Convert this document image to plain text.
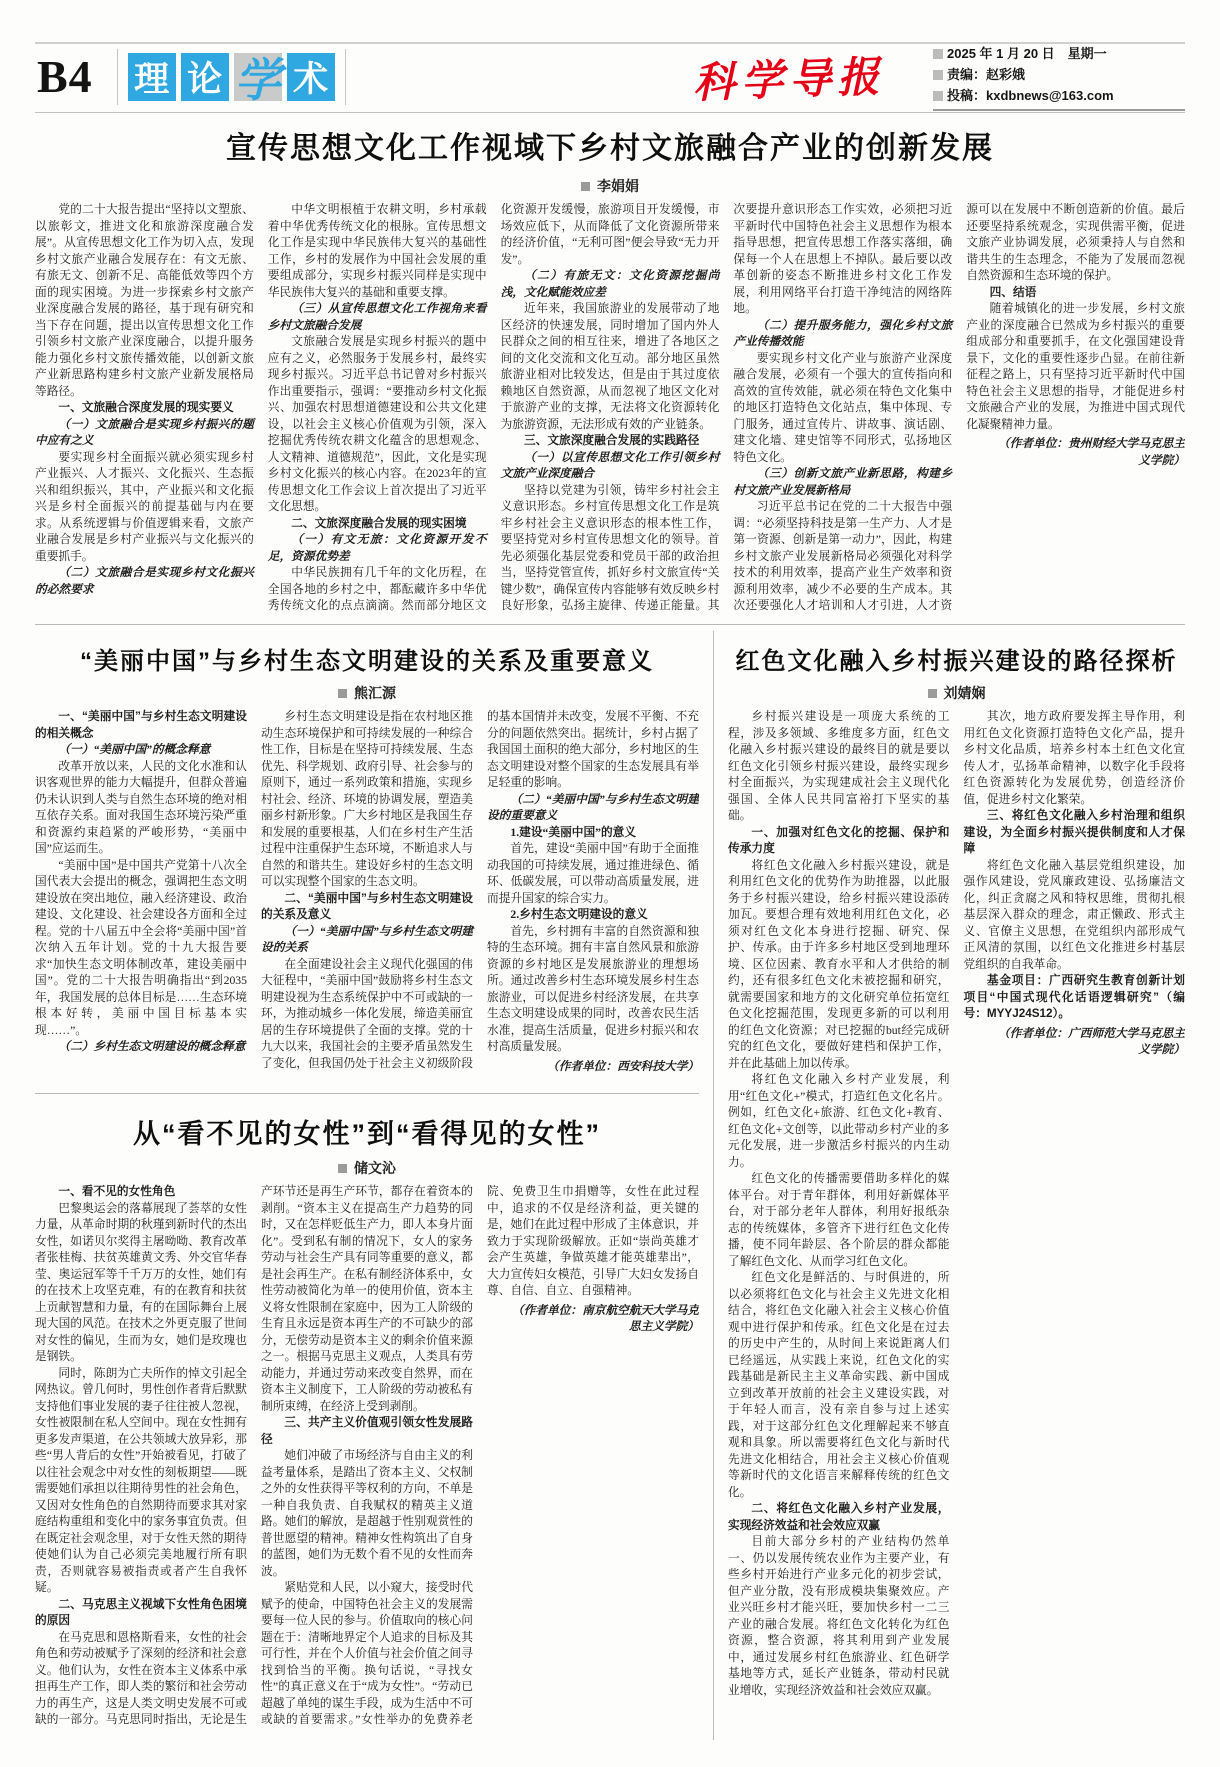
B4	理 论 学 术	科学导报
2025 年 1 月 20 日　星期一
责编：赵彩娥
投稿：kxdbnews@163.com
宣传思想文化工作视域下乡村文旅融合产业的创新发展
李娟娟

党的二十大报告提出“坚持以文塑旅、以旅彰文，推进文化和旅游深度融合发展”。从宣传思想文化工作为切入点，发现乡村文旅产业融合发展存在：有文无旅、有旅无文、创新不足、高能低效等四个方面的现实困境。为进一步探索乡村文旅产业深度融合发展的路径，基于现有研究和当下存在问题，提出以宣传思想文化工作引领乡村文旅产业深度融合，以提升服务能力强化乡村文旅传播效能，以创新文旅产业新思路构建乡村文旅产业新发展格局等路径。

一、文旅融合深度发展的现实要义

（一）文旅融合是实现乡村振兴的题中应有之义

要实现乡村全面振兴就必须实现乡村产业振兴、人才振兴、文化振兴、生态振兴和组织振兴，其中，产业振兴和文化振兴是乡村全面振兴的前提基础与内在要求。从系统逻辑与价值逻辑来看，文旅产业融合发展是乡村产业振兴与文化振兴的重要抓手。

（二）文旅融合是实现乡村文化振兴的必然要求

中华文明根植于农耕文明，乡村承载着中华优秀传统文化的根脉。宣传思想文化工作是实现中华民族伟大复兴的基础性工作，乡村的发展作为中国社会发展的重要组成部分，实现乡村振兴同样是实现中华民族伟大复兴的基础和重要支撑。

（三）从宣传思想文化工作视角来看乡村文旅融合发展

文旅融合发展是实现乡村振兴的题中应有之义，必然服务于发展乡村，最终实现乡村振兴。习近平总书记曾对乡村振兴作出重要指示，强调：“要推动乡村文化振兴、加强农村思想道德建设和公共文化建设，以社会主义核心价值观为引领，深入挖掘优秀传统农耕文化蕴含的思想观念、人文精神、道德规范”，因此，文化是实现乡村文化振兴的核心内容。在2023年的宣传思想文化工作会议上首次提出了习近平文化思想。

二、文旅深度融合发展的现实困境

（一）有文无旅：文化资源开发不足，资源优势差

中华民族拥有几千年的文化历程，在全国各地的乡村之中，都酝藏许多中华优秀传统文化的点点滴滴。然而部分地区文化资源开发缓慢，旅游项目开发缓慢，市场效应低下，从而降低了文化资源所带来的经济价值，“无利可图”便会导致“无力开发”。

（二）有旅无文：文化资源挖掘尚浅，文化赋能效应差

近年来，我国旅游业的发展带动了地区经济的快速发展，同时增加了国内外人民群众之间的相互往来，增进了各地区之间的文化交流和文化互动。部分地区虽然旅游业相对比较发达，但是由于其过度依赖地区自然资源，从而忽视了地区文化对于旅游产业的支撑，无法将文化资源转化为旅游资源，无法形成有效的产业链条。

三、文旅深度融合发展的实践路径

（一）以宣传思想文化工作引领乡村文旅产业深度融合

坚持以党建为引领，铸牢乡村社会主义意识形态。乡村宣传思想文化工作是筑牢乡村社会主义意识形态的根本性工作，要坚持党对乡村宣传思想文化的领导。首先必须强化基层党委和党员干部的政治担当，坚持党管宣传，抓好乡村文旅宣传“关键少数”，确保宣传内容能够有效反映乡村良好形象，弘扬主旋律、传递正能量。其次要提升意识形态工作实效，必须把习近平新时代中国特色社会主义思想作为根本指导思想，把宣传思想工作落实落细，确保每一个人在思想上不掉队。最后要以改革创新的姿态不断推进乡村文化工作发展，利用网络平台打造干净纯洁的网络阵地。

（二）提升服务能力，强化乡村文旅产业传播效能

要实现乡村文化产业与旅游产业深度融合发展，必须有一个强大的宣传指向和高效的宣传效能，就必须在特色文化集中的地区打造特色文化站点，集中体现、专门服务，通过宣传片、讲故事、演话剧、建文化墙、建史馆等不同形式，弘扬地区特色文化。

（三）创新文旅产业新思路，构建乡村文旅产业发展新格局

习近平总书记在党的二十大报告中强调：“必须坚持科技是第一生产力、人才是第一资源、创新是第一动力”，因此，构建乡村文旅产业发展新格局必须强化对科学技术的利用效率，提高产业生产效率和资源利用效率，减少不必要的生产成本。其次还要强化人才培训和人才引进，人才资源可以在发展中不断创造新的价值。最后还要坚持系统观念，实现供需平衡，促进文旅产业协调发展，必须秉持人与自然和谐共生的生态理念，不能为了发展而忽视自然资源和生态环境的保护。

四、结语

随着城镇化的进一步发展，乡村文旅产业的深度融合已然成为乡村振兴的重要组成部分和重要抓手，在文化强国建设背景下，文化的重要性逐步凸显。在前往新征程之路上，只有坚持习近平新时代中国特色社会主义思想的指导，才能促进乡村文旅融合产业的发展，为推进中国式现代化凝聚精神力量。

（作者单位：贵州财经大学马克思主义学院）

“美丽中国”与乡村生态文明建设的关系及重要意义
熊汇源

一、“美丽中国”与乡村生态文明建设的相关概念

（一）“美丽中国”的概念释意

改革开放以来，人民的文化水准和认识客观世界的能力大幅提升，但群众普遍仍未认识到人类与自然生态环境的绝对相互依存关系。面对我国生态环境污染严重和资源约束趋紧的严峻形势，“美丽中国”应运而生。

“美丽中国”是中国共产党第十八次全国代表大会提出的概念，强调把生态文明建设放在突出地位，融入经济建设、政治建设、文化建设、社会建设各方面和全过程。党的十八届五中全会将“美丽中国”首次纳入五年计划。党的十九大报告要求“加快生态文明体制改革，建设美丽中国”。党的二十大报告明确指出“到2035年，我国发展的总体目标是……生态环境根本好转，美丽中国目标基本实现……”。

（二）乡村生态文明建设的概念释意

乡村生态文明建设是指在农村地区推动生态环境保护和可持续发展的一种综合性工作，目标是在坚持可持续发展、生态优先、科学规划、政府引导、社会参与的原则下，通过一系列政策和措施，实现乡村社会、经济、环境的协调发展，塑造美丽乡村新形象。广大乡村地区是我国生存和发展的重要根基，人们在乡村生产生活过程中注重保护生态环境，不断追求人与自然的和谐共生。建设好乡村的生态文明可以实现整个国家的生态文明。

二、“美丽中国”与乡村生态文明建设的关系及意义

（一）“美丽中国”与乡村生态文明建设的关系

在全面建设社会主义现代化强国的伟大征程中，“美丽中国”鼓励将乡村生态文明建设视为生态系统保护中不可或缺的一环，为推动城乡一体化发展，缔造美丽宜居的生存环境提供了全面的支撑。党的十九大以来，我国社会的主要矛盾虽然发生了变化，但我国仍处于社会主义初级阶段的基本国情并未改变，发展不平衡、不充分的问题依然突出。据统计，乡村占据了我国国土面积的绝大部分，乡村地区的生态文明建设对整个国家的生态发展具有举足轻重的影响。

（二）“美丽中国”与乡村生态文明建设的重要意义

1.建设“美丽中国”的意义

首先，建设“美丽中国”有助于全面推动我国的可持续发展，通过推进绿色、循环、低碳发展，可以带动高质量发展，进而提升国家的综合实力。

2.乡村生态文明建设的意义

首先，乡村拥有丰富的自然资源和独特的生态环境。拥有丰富自然风景和旅游资源的乡村地区是发展旅游业的理想场所。通过改善乡村生态环境发展乡村生态旅游业，可以促进乡村经济发展，在共享生态文明建设成果的同时，改善农民生活水准，提高生活质量，促进乡村振兴和农村高质量发展。

（作者单位：西安科技大学）

从“看不见的女性”到“看得见的女性”
储文沁

一、看不见的女性角色

巴黎奥运会的落幕展现了荟萃的女性力量，从革命时期的秋瑾到新时代的杰出女性，如诺贝尔奖得主屠呦呦、教育改革者张桂梅、扶贫英雄黄文秀、外交官华春莹、奥运冠军等千千万万的女性，她们有的在技术上攻坚克难，有的在教育和扶贫上贡献智慧和力量，有的在国际舞台上展现大国的风范。在技术之外更克服了世间对女性的偏见，生而为女，她们是玫瑰也是钢铁。

同时，陈朗为亡夫所作的悼文引起全网热议。曾几何时，男性创作者背后默默支持他们事业发展的妻子往往被人忽视，女性被限制在私人空间中。现在女性拥有更多发声渠道，在公共领域大放异彩，那些“男人背后的女性”开始被看见，打破了以往社会观念中对女性的刻板期望——既需要她们承担以往期待男性的社会角色，又因对女性角色的自然期待而要求其对家庭结构重组和变化中的家务事宜负责。但在既定社会观念里，对于女性天然的期待使她们认为自己必须完美地履行所有职责，否则就容易被指责或者产生自我怀疑。

二、马克思主义视域下女性角色困境的原因

在马克思和恩格斯看来，女性的社会角色和劳动被赋予了深刻的经济和社会意义。他们认为，女性在资本主义体系中承担再生产工作，即人类的繁衍和社会劳动力的再生产，这是人类文明史发展不可或缺的一部分。马克思同时指出，无论是生产环节还是再生产环节，都存在着资本的剥削。“资本主义在提高生产力趋势的同时，又在怎样贬低生产力，即人本身片面化”。受到私有制的情况下，女人的家务劳动与社会生产具有同等重要的意义，都是社会再生产。在私有制经济体系中，女性劳动被简化为单一的使用价值，资本主义将女性限制在家庭中，因为工人阶级的生育且永远是资本再生产的不可缺少的部分，无偿劳动是资本主义的剩余价值来源之一。根据马克思主义观点，人类具有劳动能力，并通过劳动来改变自然界，而在资本主义制度下，工人阶级的劳动被私有制所束缚，在经济上受到剥削。

三、共产主义价值观引领女性发展路径

她们冲破了市场经济与自由主义的利益考量体系，是踏出了资本主义、父权制之外的女性获得平等权利的方向，不单是一种自我负责、自我赋权的精英主义道路。她们的解放，是超越于性别观赏性的普世愿望的精神。精神女性构筑出了自身的蓝图，她们为无数个看不见的女性而奔波。

紧贴党和人民，以小窥大，接受时代赋予的使命，中国特色社会主义的发展需要每一位人民的参与。价值取向的核心问题在于：清晰地界定个人追求的目标及其可行性，并在个人价值与社会价值之间寻找到恰当的平衡。换句话说，“寻找女性”的真正意义在于“成为女性”。“劳动已超越了单纯的谋生手段，成为生活中不可或缺的首要需求。”女性举办的免费养老院、免费卫生巾捐赠等，女性在此过程中，追求的不仅是经济利益，更关键的是，她们在此过程中形成了主体意识，并致力于实现阶级解放。正如“崇尚英雄才会产生英雄，争做英雄才能英雄辈出”，大力宣传妇女模范，引导广大妇女发扬自尊、自信、自立、自强精神。

（作者单位：南京航空航天大学马克思主义学院）

红色文化融入乡村振兴建设的路径探析
刘婧娴

乡村振兴建设是一项庞大系统的工程，涉及多领域、多维度多方面，红色文化融入乡村振兴建设的最终目的就是要以红色文化引领乡村振兴建设，最终实现乡村全面振兴，为实现建成社会主义现代化强国、全体人民共同富裕打下坚实的基础。

一、加强对红色文化的挖掘、保护和传承力度

将红色文化融入乡村振兴建设，就是利用红色文化的优势作为助推器，以此服务于乡村振兴建设，给乡村振兴建设添砖加瓦。要想合理有效地利用红色文化，必须对红色文化本身进行挖掘、研究、保护、传承。由于许多乡村地区受到地理环境、区位因素、教育水平和人才供给的制约，还有很多红色文化未被挖掘和研究，就需要国家和地方的文化研究单位拓宽红色文化挖掘范围，发现更多新的可以利用的红色文化资源；对已挖掘的but经完成研究的红色文化，要做好建档和保护工作，并在此基础上加以传承。

将红色文化融入乡村产业发展，利用“红色文化+”模式，打造红色文化名片。例如，红色文化+旅游、红色文化+教育、红色文化+文创等，以此带动乡村产业的多元化发展，进一步激活乡村振兴的内生动力。

红色文化的传播需要借助多样化的媒体平台。对于青年群体，利用好新媒体平台，对于部分老年人群体，利用好报纸杂志的传统媒体，多管齐下进行红色文化传播，使不同年龄层、各个阶层的群众都能了解红色文化、从而学习红色文化。

红色文化是鲜活的、与时俱进的，所以必须将红色文化与社会主义先进文化相结合，将红色文化融入社会主义核心价值观中进行保护和传承。红色文化是在过去的历史中产生的，从时间上来说距离人们已经遥远，从实践上来说，红色文化的实践基础是新民主主义革命实践、新中国成立到改革开放前的社会主义建设实践，对于年轻人而言，没有亲自参与过上述实践，对于这部分红色文化理解起来不够直观和具象。所以需要将红色文化与新时代先进文化相结合，用社会主义核心价值观等新时代的文化语言来解释传统的红色文化。

二、将红色文化融入乡村产业发展，实现经济效益和社会效应双赢

目前大部分乡村的产业结构仍然单一、仍以发展传统农业作为主要产业，有些乡村开始进行产业多元化的初步尝试，但产业分散，没有形成模块集聚效应。产业兴旺乡村才能兴旺，要加快乡村一二三产业的融合发展。将红色文化转化为红色资源，整合资源，将其利用到产业发展中，通过发展乡村红色旅游业、红色研学基地等方式，延长产业链条，带动村民就业增收，实现经济效益和社会效应双赢。

其次，地方政府要发挥主导作用，利用红色文化资源打造特色文化产品，提升乡村文化品质，培养乡村本土红色文化宣传人才，弘扬革命精神，以数字化手段将红色资源转化为发展优势，创造经济价值，促进乡村文化繁荣。

三、将红色文化融入乡村治理和组织建设，为全面乡村振兴提供制度和人才保障

将红色文化融入基层党组织建设，加强作风建设，党风廉政建设、弘扬廉洁文化，纠正贪腐之风和特权思维，贯彻扎根基层深入群众的理念，肃正懒政、形式主义、官僚主义思想，在党组织内部形成气正风清的氛围，以红色文化推进乡村基层党组织的自我革命。

基金项目：广西研究生教育创新计划项目“中国式现代化话语逻辑研究”（编号：MYYJ24S12）。

（作者单位：广西师范大学马克思主义学院）
